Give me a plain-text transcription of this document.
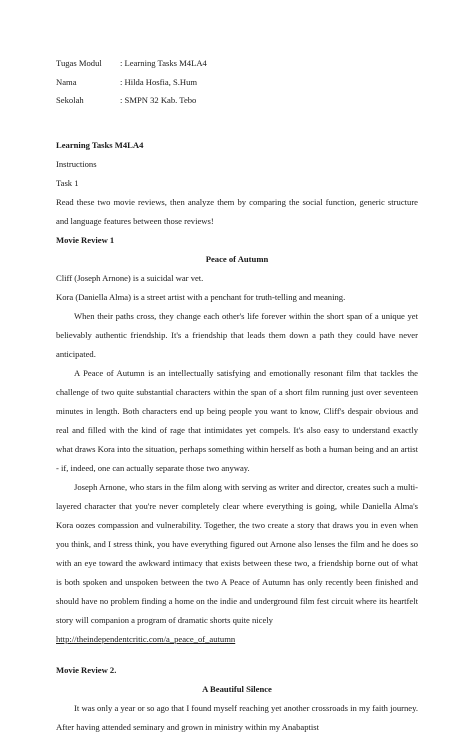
Tugas Modul	: Learning Tasks M4LA4
Nama	: Hilda Hosfia, S.Hum
Sekolah	: SMPN 32 Kab. Tebo
Learning Tasks M4LA4
Instructions
Task 1
Read these two movie reviews, then analyze them by comparing the social function, generic structure and language features between those reviews!
Movie Review 1
Peace of Autumn
Cliff (Joseph Arnone) is a suicidal war vet.
Kora (Daniella Alma) is a street artist with a penchant for truth-telling and meaning.
When their paths cross, they change each other's life forever within the short span of a unique yet believably authentic friendship. It's a friendship that leads them down a path they could have never anticipated.
A Peace of Autumn is an intellectually satisfying and emotionally resonant film that tackles the challenge of two quite substantial characters within the span of a short film running just over seventeen minutes in length. Both characters end up being people you want to know, Cliff's despair obvious and real and filled with the kind of rage that intimidates yet compels. It's also easy to understand exactly what draws Kora into the situation, perhaps something within herself as both a human being and an artist - if, indeed, one can actually separate those two anyway.
Joseph Arnone, who stars in the film along with serving as writer and director, creates such a multi-layered character that you're never completely clear where everything is going, while Daniella Alma's Kora oozes compassion and vulnerability. Together, the two create a story that draws you in even when you think, and I stress think, you have everything figured out Arnone also lenses the film and he does so with an eye toward the awkward intimacy that exists between these two, a friendship borne out of what is both spoken and unspoken between the two A Peace of Autumn has only recently been finished and should have no problem finding a home on the indie and underground film fest circuit where its heartfelt story will companion a program of dramatic shorts quite nicely
http://theindependentcritic.com/a_peace_of_autumn
Movie Review 2.
A Beautiful Silence
It was only a year or so ago that I found myself reaching yet another crossroads in my faith journey. After having attended seminary and grown in ministry within my Anabaptist
